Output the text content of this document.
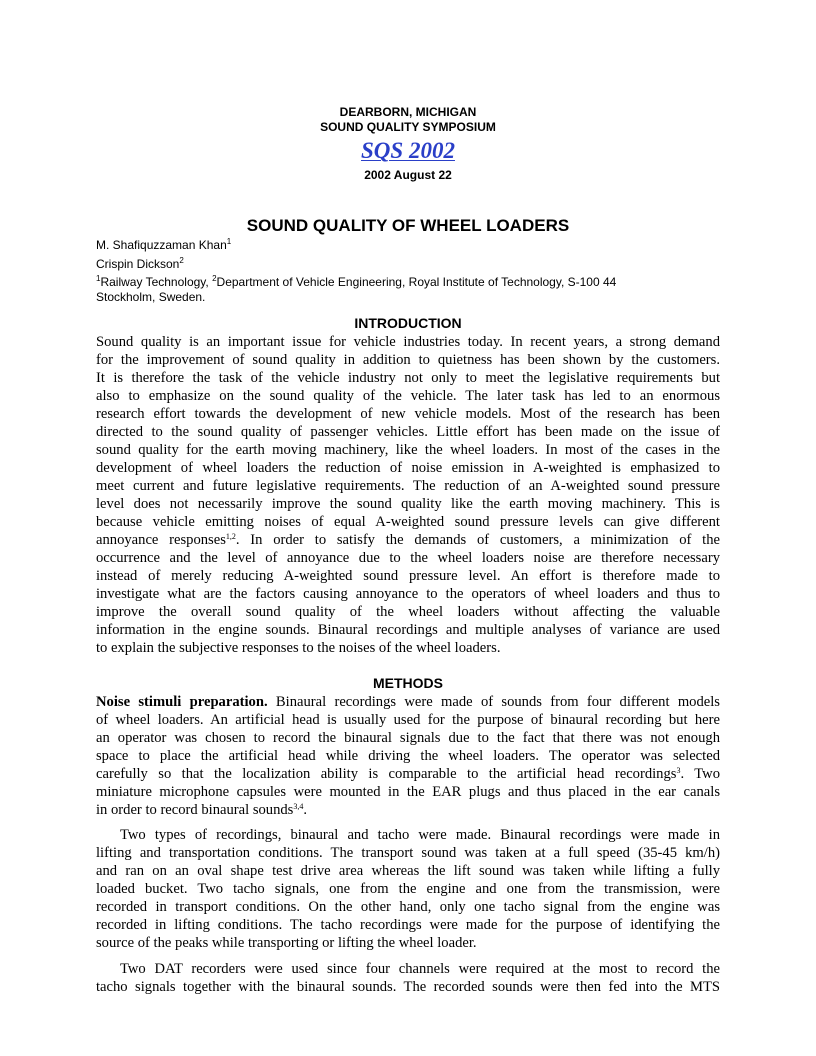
DEARBORN, MICHIGAN
SOUND QUALITY SYMPOSIUM
SQS 2002
2002 August 22
SOUND QUALITY OF WHEEL LOADERS
M. Shafiquzzaman Khan$^1$
Crispin Dickson$^2$
$^1$Railway Technology, $^2$Department of Vehicle Engineering, Royal Institute of Technology, S-100 44
Stockholm, Sweden.
INTRODUCTION
Sound quality is an important issue for vehicle industries today. In recent years, a strong demand
for the improvement of sound quality in addition to quietness has been shown by the customers.
It is therefore the task of the vehicle industry not only to meet the legislative requirements but
also to emphasize on the sound quality of the vehicle. The later task has led to an enormous
research effort towards the development of new vehicle models. Most of the research has been
directed to the sound quality of passenger vehicles. Little effort has been made on the issue of
sound quality for the earth moving machinery, like the wheel loaders. In most of the cases in the
development of wheel loaders the reduction of noise emission in A-weighted is emphasized to
meet current and future legislative requirements. The reduction of an A-weighted sound pressure
level does not necessarily improve the sound quality like the earth moving machinery. This is
because vehicle emitting noises of equal A-weighted sound pressure levels can give different
annoyance responses$^{1,2}$. In order to satisfy the demands of customers, a minimization of the
occurrence and the level of annoyance due to the wheel loaders noise are therefore necessary
instead of merely reducing A-weighted sound pressure level. An effort is therefore made to
investigate what are the factors causing annoyance to the operators of wheel loaders and thus to
improve the overall sound quality of the wheel loaders without affecting the valuable
information in the engine sounds. Binaural recordings and multiple analyses of variance are used
to explain the subjective responses to the noises of the wheel loaders.
METHODS
Noise stimuli preparation. Binaural recordings were made of sounds from four different models
of wheel loaders. An artificial head is usually used for the purpose of binaural recording but here
an operator was chosen to record the binaural signals due to the fact that there was not enough
space to place the artificial head while driving the wheel loaders. The operator was selected
carefully so that the localization ability is comparable to the artificial head recordings$^3$. Two
miniature microphone capsules were mounted in the EAR plugs and thus placed in the ear canals
in order to record binaural sounds$^{3,4}$.
Two types of recordings, binaural and tacho were made. Binaural recordings were made in
lifting and transportation conditions. The transport sound was taken at a full speed (35-45 km/h)
and ran on an oval shape test drive area whereas the lift sound was taken while lifting a fully
loaded bucket. Two tacho signals, one from the engine and one from the transmission, were
recorded in transport conditions. On the other hand, only one tacho signal from the engine was
recorded in lifting conditions. The tacho recordings were made for the purpose of identifying the
source of the peaks while transporting or lifting the wheel loader.
Two DAT recorders were used since four channels were required at the most to record the
tacho signals together with the binaural sounds. The recorded sounds were then fed into the MTS
